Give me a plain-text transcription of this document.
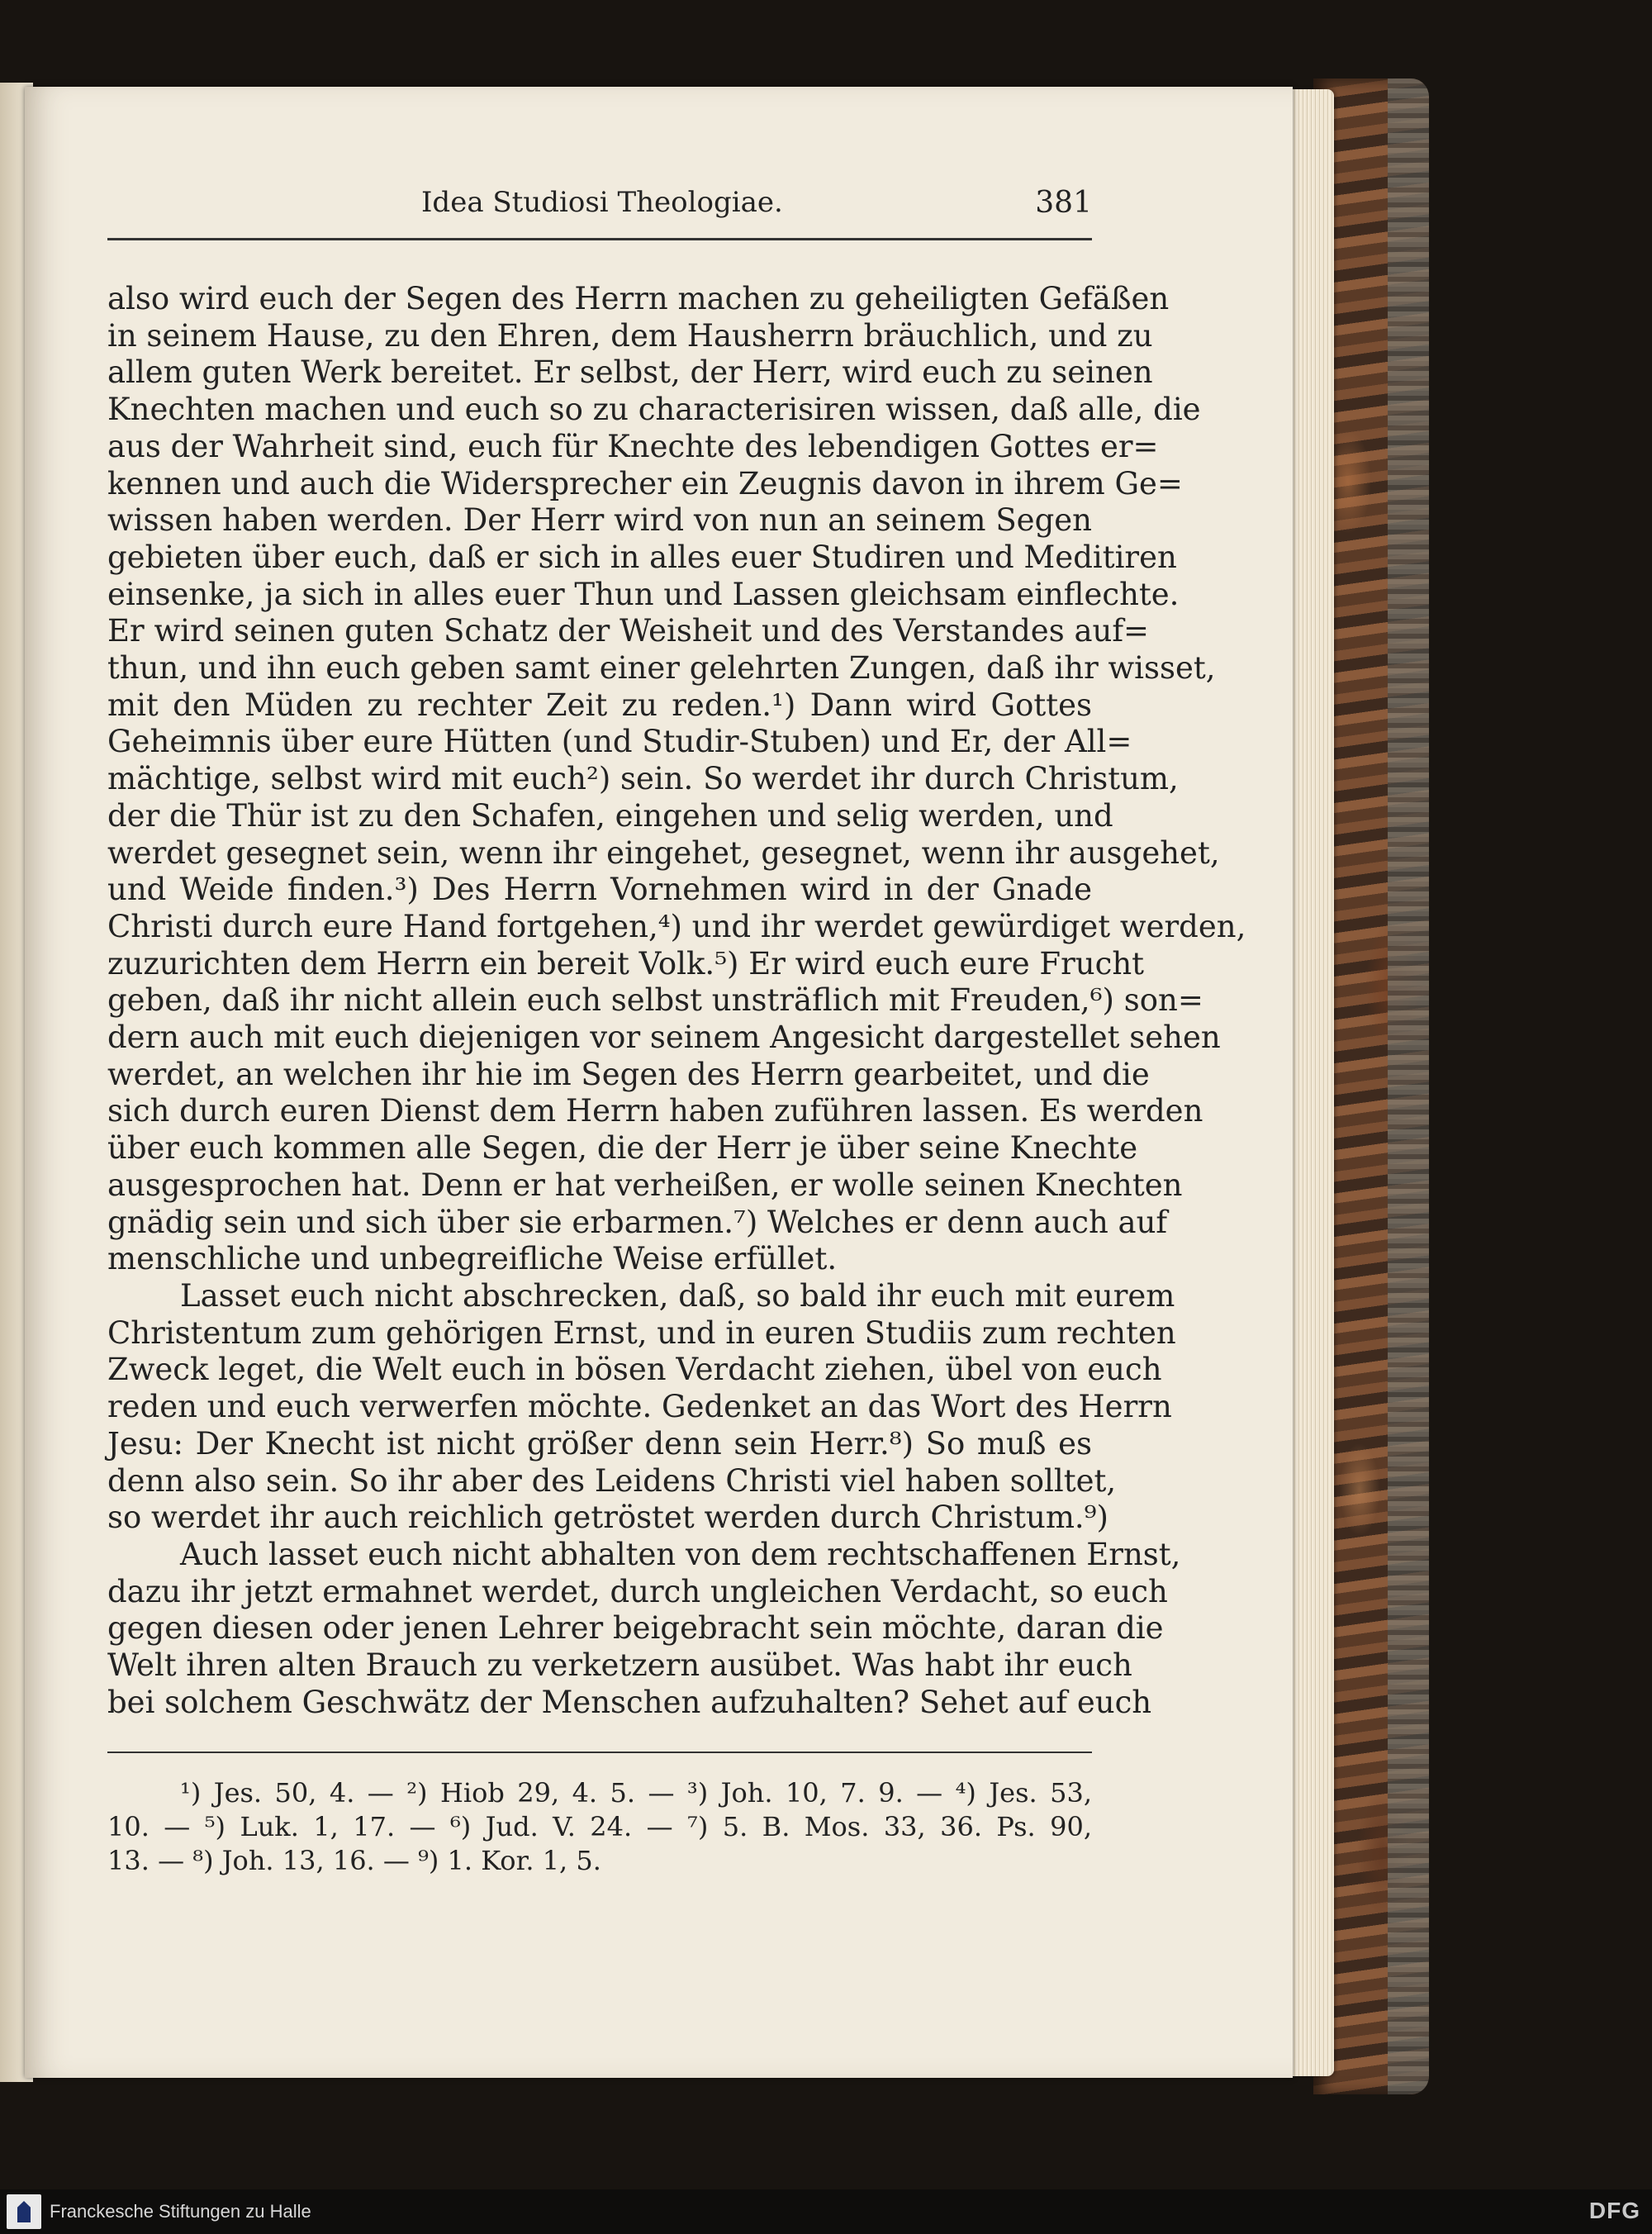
Idea Studiosi Theologiae.	381
also wird euch der Segen des Herrn machen zu geheiligten Gefäßen
in seinem Hause, zu den Ehren, dem Hausherrn bräuchlich, und zu
allem guten Werk bereitet. Er selbst, der Herr, wird euch zu seinen
Knechten machen und euch so zu characterisiren wissen, daß alle, die
aus der Wahrheit sind, euch für Knechte des lebendigen Gottes er=
kennen und auch die Widersprecher ein Zeugnis davon in ihrem Ge=
wissen haben werden. Der Herr wird von nun an seinem Segen
gebieten über euch, daß er sich in alles euer Studiren und Meditiren
einsenke, ja sich in alles euer Thun und Lassen gleichsam einflechte.
Er wird seinen guten Schatz der Weisheit und des Verstandes auf=
thun, und ihn euch geben samt einer gelehrten Zungen, daß ihr wisset,
mit den Müden zu rechter Zeit zu reden.¹) Dann wird Gottes
Geheimnis über eure Hütten (und Studir-Stuben) und Er, der All=
mächtige, selbst wird mit euch²) sein. So werdet ihr durch Christum,
der die Thür ist zu den Schafen, eingehen und selig werden, und
werdet gesegnet sein, wenn ihr eingehet, gesegnet, wenn ihr ausgehet,
und Weide finden.³) Des Herrn Vornehmen wird in der Gnade
Christi durch eure Hand fortgehen,⁴) und ihr werdet gewürdiget werden,
zuzurichten dem Herrn ein bereit Volk.⁵) Er wird euch eure Frucht
geben, daß ihr nicht allein euch selbst unsträflich mit Freuden,⁶) son=
dern auch mit euch diejenigen vor seinem Angesicht dargestellet sehen
werdet, an welchen ihr hie im Segen des Herrn gearbeitet, und die
sich durch euren Dienst dem Herrn haben zuführen lassen. Es werden
über euch kommen alle Segen, die der Herr je über seine Knechte
ausgesprochen hat. Denn er hat verheißen, er wolle seinen Knechten
gnädig sein und sich über sie erbarmen.⁷) Welches er denn auch auf
menschliche und unbegreifliche Weise erfüllet.
Lasset euch nicht abschrecken, daß, so bald ihr euch mit eurem
Christentum zum gehörigen Ernst, und in euren Studiis zum rechten
Zweck leget, die Welt euch in bösen Verdacht ziehen, übel von euch
reden und euch verwerfen möchte. Gedenket an das Wort des Herrn
Jesu: Der Knecht ist nicht größer denn sein Herr.⁸) So muß es
denn also sein. So ihr aber des Leidens Christi viel haben solltet,
so werdet ihr auch reichlich getröstet werden durch Christum.⁹)
Auch lasset euch nicht abhalten von dem rechtschaffenen Ernst,
dazu ihr jetzt ermahnet werdet, durch ungleichen Verdacht, so euch
gegen diesen oder jenen Lehrer beigebracht sein möchte, daran die
Welt ihren alten Brauch zu verketzern ausübet. Was habt ihr euch
bei solchem Geschwätz der Menschen aufzuhalten? Sehet auf euch
¹) Jes. 50, 4. — ²) Hiob 29, 4. 5. — ³) Joh. 10, 7. 9. — ⁴) Jes. 53,
10. — ⁵) Luk. 1, 17. — ⁶) Jud. V. 24. — ⁷) 5. B. Mos. 33, 36. Ps. 90,
13. — ⁸) Joh. 13, 16. — ⁹) 1. Kor. 1, 5.
Franckesche Stiftungen zu Halle	DFG
